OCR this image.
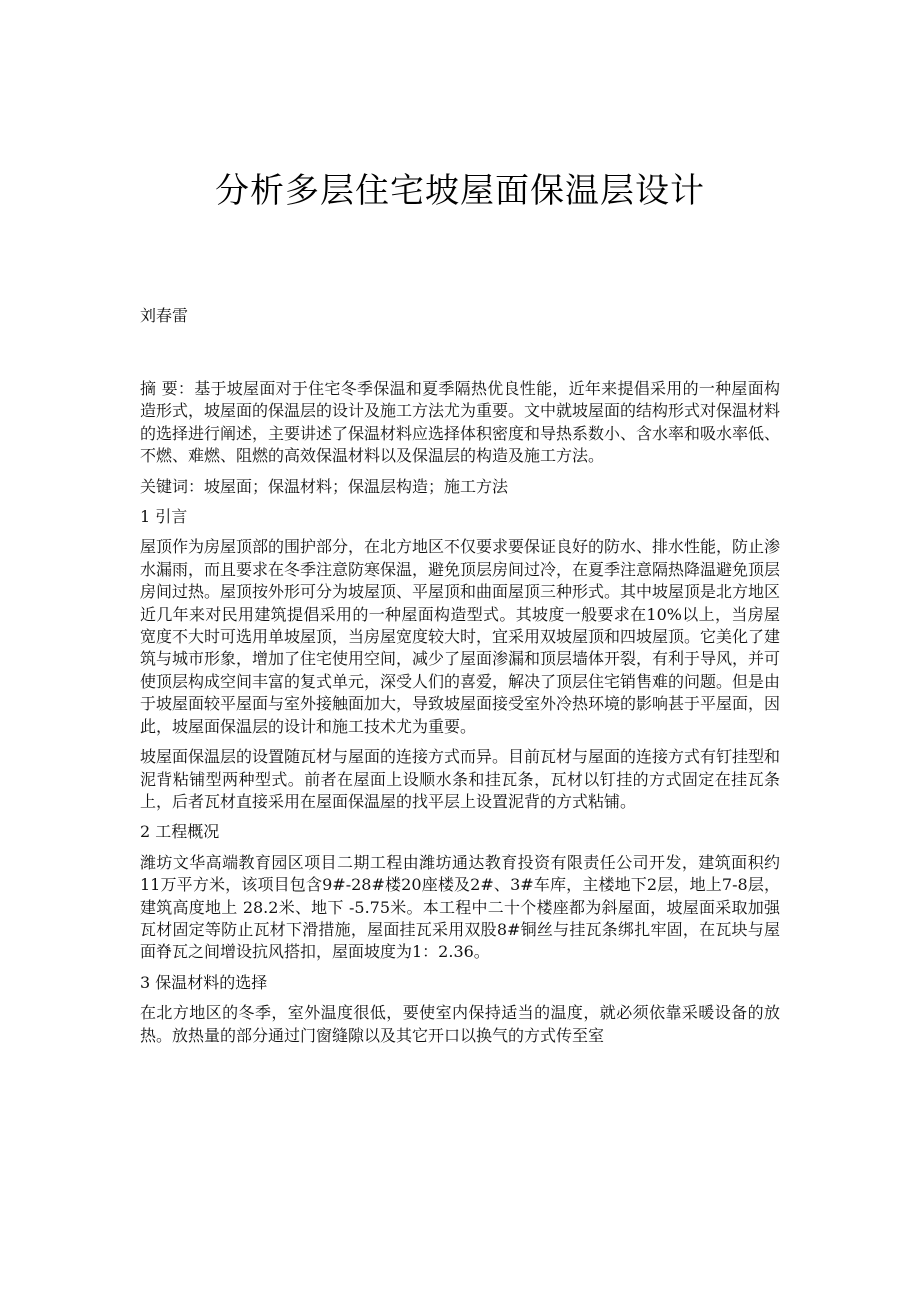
分析多层住宅坡屋面保温层设计
刘春雷

摘 要：基于坡屋面对于住宅冬季保温和夏季隔热优良性能，近年来提倡采用的一种屋面构造形式，坡屋面的保温层的设计及施工方法尤为重要。文中就坡屋面的结构形式对保温材料的选择进行阐述，主要讲述了保温材料应选择体积密度和导热系数小、含水率和吸水率低、不燃、难燃、阻燃的高效保温材料以及保温层的构造及施工方法。

关键词：坡屋面；保温材料；保温层构造；施工方法

1 引言

屋顶作为房屋顶部的围护部分，在北方地区不仅要求要保证良好的防水、排水性能，防止渗水漏雨，而且要求在冬季注意防寒保温，避免顶层房间过冷，在夏季注意隔热降温避免顶层房间过热。屋顶按外形可分为坡屋顶、平屋顶和曲面屋顶三种形式。其中坡屋顶是北方地区近几年来对民用建筑提倡采用的一种屋面构造型式。其坡度一般要求在10%以上，当房屋宽度不大时可选用单坡屋顶，当房屋宽度较大时，宜采用双坡屋顶和四坡屋顶。它美化了建筑与城市形象，增加了住宅使用空间，减少了屋面渗漏和顶层墙体开裂，有利于导风，并可使顶层构成空间丰富的复式单元，深受人们的喜爱，解决了顶层住宅销售难的问题。但是由于坡屋面较平屋面与室外接触面加大，导致坡屋面接受室外冷热环境的影响甚于平屋面，因此，坡屋面保温层的设计和施工技术尤为重要。

坡屋面保温层的设置随瓦材与屋面的连接方式而异。目前瓦材与屋面的连接方式有钉挂型和泥背粘铺型两种型式。前者在屋面上设顺水条和挂瓦条，瓦材以钉挂的方式固定在挂瓦条上，后者瓦材直接采用在屋面保温屋的找平层上设置泥背的方式粘铺。

2 工程概况

潍坊文华高端教育园区项目二期工程由潍坊通达教育投资有限责任公司开发，建筑面积约11万平方米，该项目包含9#-28#楼20座楼及2#、3#车库，主楼地下2层，地上7-8层，建筑高度地上 28.2米、地下 -5.75米。本工程中二十个楼座都为斜屋面，坡屋面采取加强瓦材固定等防止瓦材下滑措施，屋面挂瓦采用双股8#铜丝与挂瓦条绑扎牢固，在瓦块与屋面脊瓦之间增设抗风搭扣，屋面坡度为1：2.36。

3 保温材料的选择

在北方地区的冬季，室外温度很低，要使室内保持适当的温度，就必须依靠采暖设备的放热。放热量的部分通过门窗缝隙以及其它开口以换气的方式传至室
